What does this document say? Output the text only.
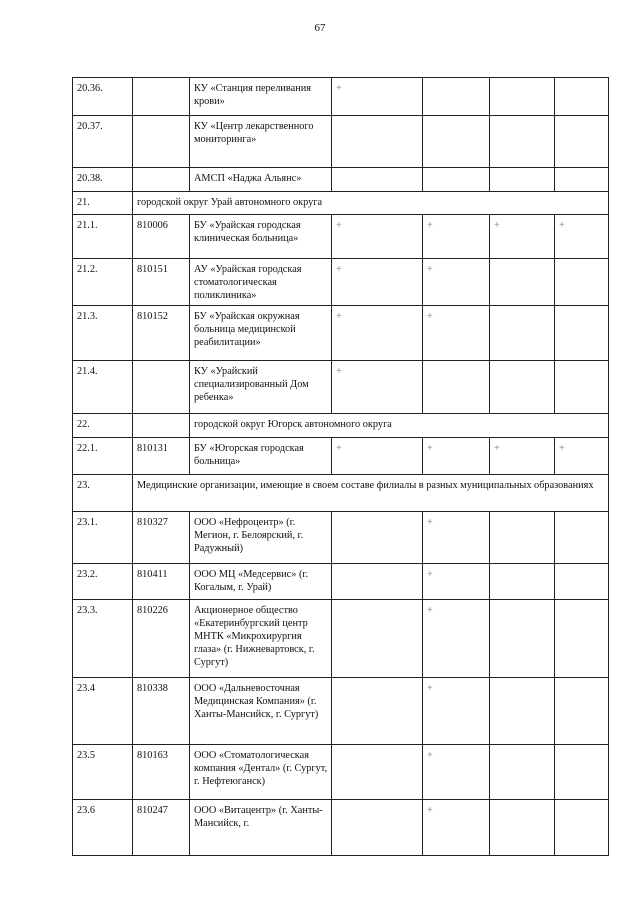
67
20.36.		КУ «Станция переливания крови»	+				
20.37.		КУ «Центр лекарственного мониторинга»					
20.38.		АМСП «Наджа Альянс»					
21.	городской округ Урай автономного округа						
21.1.	810006	БУ «Урайская городская клиническая больница»	+	+	+	+	
21.2.	810151	АУ «Урайская городская стоматологическая поликлиника»	+	+			
21.3.	810152	БУ «Урайская окружная больница медицинской реабилитации»	+	+			
21.4.		КУ «Урайский специализированный Дом ребенка»	+				
22.		городской округ Югорск автономного округа					
22.1.	810131	БУ «Югорская городская больница»	+	+	+	+	
23.	Медицинские организации, имеющие в своем составе филиалы в разных муниципальных образованиях						
23.1.	810327	ООО «Нефроцентр» (г. Мегион, г. Белоярский, г. Радужный)		+			
23.2.	810411	ООО МЦ «Медсервис» (г. Когалым, г. Урай)		+			
23.3.	810226	Акционерное общество «Екатеринбургский центр МНТК «Микрохирургия глаза» (г. Нижневартовск, г. Сургут)		+			
23.4	810338	ООО «Дальневосточная Медицинская Компания» (г. Ханты-Мансийск, г. Сургут)		+			
23.5	810163	ООО «Стоматологическая компания «Дентал» (г. Сургут, г. Нефтеюганск)		+			
23.6	810247	ООО «Витацентр» (г. Ханты-Мансийск, г.		+			
